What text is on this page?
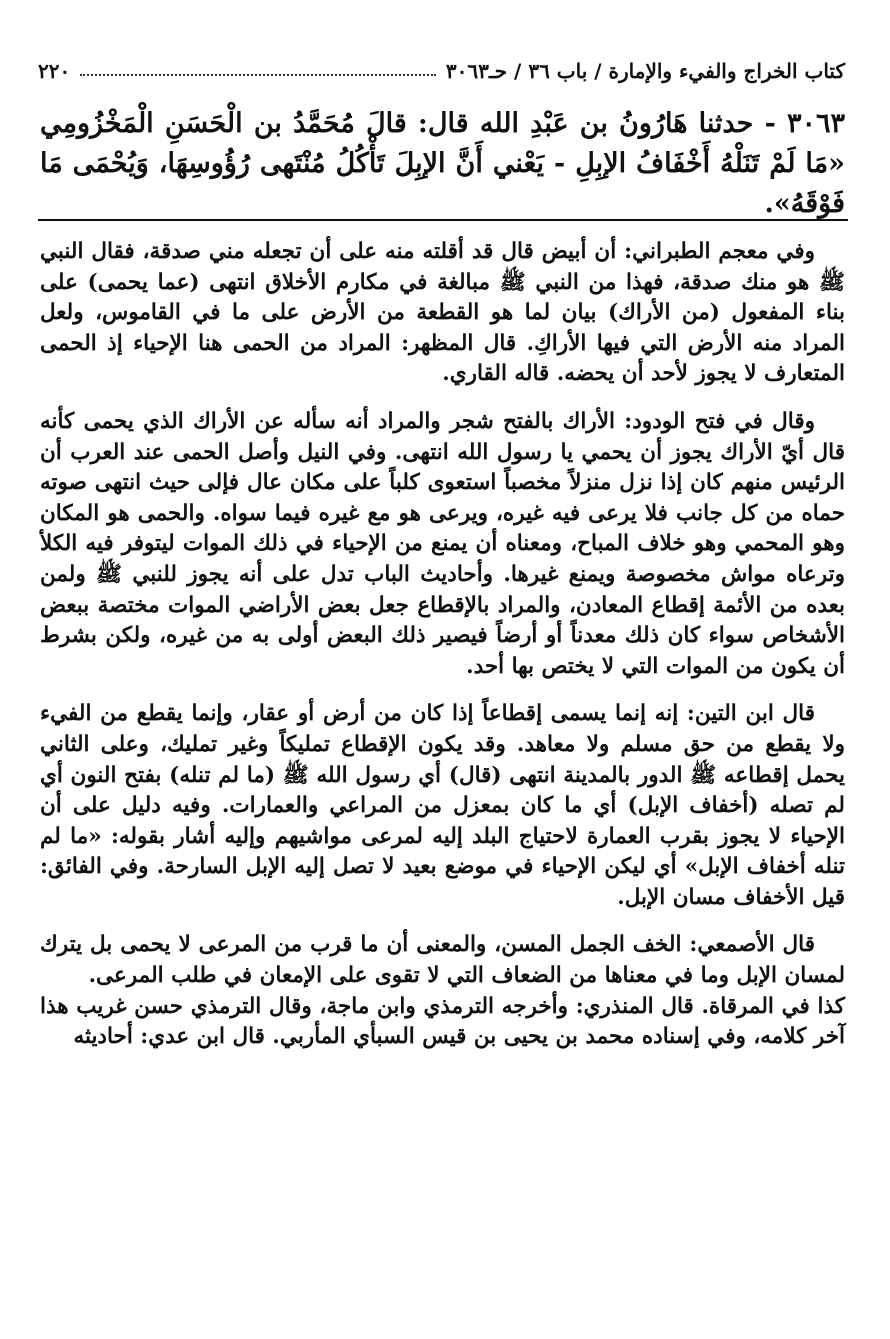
كتاب الخراج والفيء والإمارة / باب ٣٦ / حـ٣٠٦٣
٢٢٠
٣٠٦٣ - حدثنا هَارُونُ بن عَبْدِ الله قال: قالَ مُحَمَّدُ بن الْحَسَنِ الْمَخْزُومِي «مَا لَمْ تَنَلْهُ أَخْفَافُ الإبِلِ - يَعْني أَنَّ الإبِلَ تَأْكُلُ مُنْتَهى رُؤُوسِهَا، وَيُحْمَى مَا فَوْقَهُ».

وفي معجم الطبراني: أن أبيض قال قد أقلته منه على أن تجعله مني صدقة، فقال النبي ﷺ هو منك صدقة، فهذا من النبي ﷺ مبالغة في مكارم الأخلاق انتهى (عما يحمى) على بناء المفعول (من الأراك) بيان لما هو القطعة من الأرض على ما في القاموس، ولعل المراد منه الأرض التي فيها الأراكِ. قال المظهر: المراد من الحمى هنا الإحياء إذ الحمى المتعارف لا يجوز لأحد أن يحضه. قاله القاري.

وقال في فتح الودود: الأراك بالفتح شجر والمراد أنه سأله عن الأراك الذي يحمى كأنه قال أيّ الأراك يجوز أن يحمي يا رسول الله انتهى. وفي النيل وأصل الحمى عند العرب أن الرئيس منهم كان إذا نزل منزلاً مخصباً استعوى كلباً على مكان عال فإلى حيث انتهى صوته حماه من كل جانب فلا يرعى فيه غيره، ويرعى هو مع غيره فيما سواه. والحمى هو المكان وهو المحمي وهو خلاف المباح، ومعناه أن يمنع من الإحياء في ذلك الموات ليتوفر فيه الكلأ وترعاه مواش مخصوصة ويمنع غيرها. وأحاديث الباب تدل على أنه يجوز للنبي ﷺ ولمن بعده من الأئمة إقطاع المعادن، والمراد بالإقطاع جعل بعض الأراضي الموات مختصة ببعض الأشخاص سواء كان ذلك معدناً أو أرضاً فيصير ذلك البعض أولى به من غيره، ولكن بشرط أن يكون من الموات التي لا يختص بها أحد.

قال ابن التين: إنه إنما يسمى إقطاعاً إذا كان من أرض أو عقار، وإنما يقطع من الفيء ولا يقطع من حق مسلم ولا معاهد. وقد يكون الإقطاع تمليكاً وغير تمليك، وعلى الثاني يحمل إقطاعه ﷺ الدور بالمدينة انتهى (قال) أي رسول الله ﷺ (ما لم تنله) بفتح النون أي لم تصله (أخفاف الإبل) أي ما كان بمعزل من المراعي والعمارات. وفيه دليل على أن الإحياء لا يجوز بقرب العمارة لاحتياج البلد إليه لمرعى مواشيهم وإليه أشار بقوله: «ما لم تنله أخفاف الإبل» أي ليكن الإحياء في موضع بعيد لا تصل إليه الإبل السارحة. وفي الفائق: قيل الأخفاف مسان الإبل.

قال الأصمعي: الخف الجمل المسن، والمعنى أن ما قرب من المرعى لا يحمى بل يترك لمسان الإبل وما في معناها من الضعاف التي لا تقوى على الإمعان في طلب المرعى.

كذا في المرقاة. قال المنذري: وأخرجه الترمذي وابن ماجة، وقال الترمذي حسن غريب هذا آخر كلامه، وفي إسناده محمد بن يحيى بن قيس السبأي المأربي. قال ابن عدي: أحاديثه
